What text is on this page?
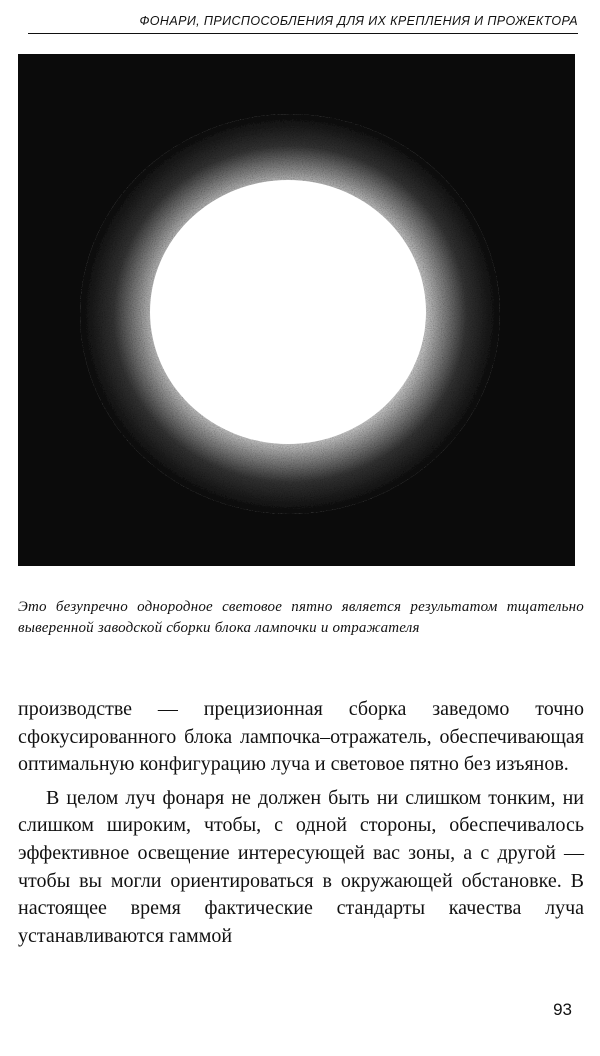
ФОНАРИ, ПРИСПОСОБЛЕНИЯ ДЛЯ ИХ КРЕПЛЕНИЯ И ПРОЖЕКТОРА
Это безупречно однородное световое пятно является результатом тщательно выверенной заводской сборки блока лампочки и отражателя

производстве — прецизионная сборка заведомо точно сфокусированного блока лампочка–отражатель, обеспечивающая оптимальную конфигурацию луча и световое пятно без изъянов.

В целом луч фонаря не должен быть ни слишком тонким, ни слишком широким, чтобы, с одной стороны, обеспечивалось эффективное освещение интересующей вас зоны, а с другой — чтобы вы могли ориентироваться в окружающей обстановке. В настоящее время фактические стандарты качества луча устанавливаются гаммой

93
